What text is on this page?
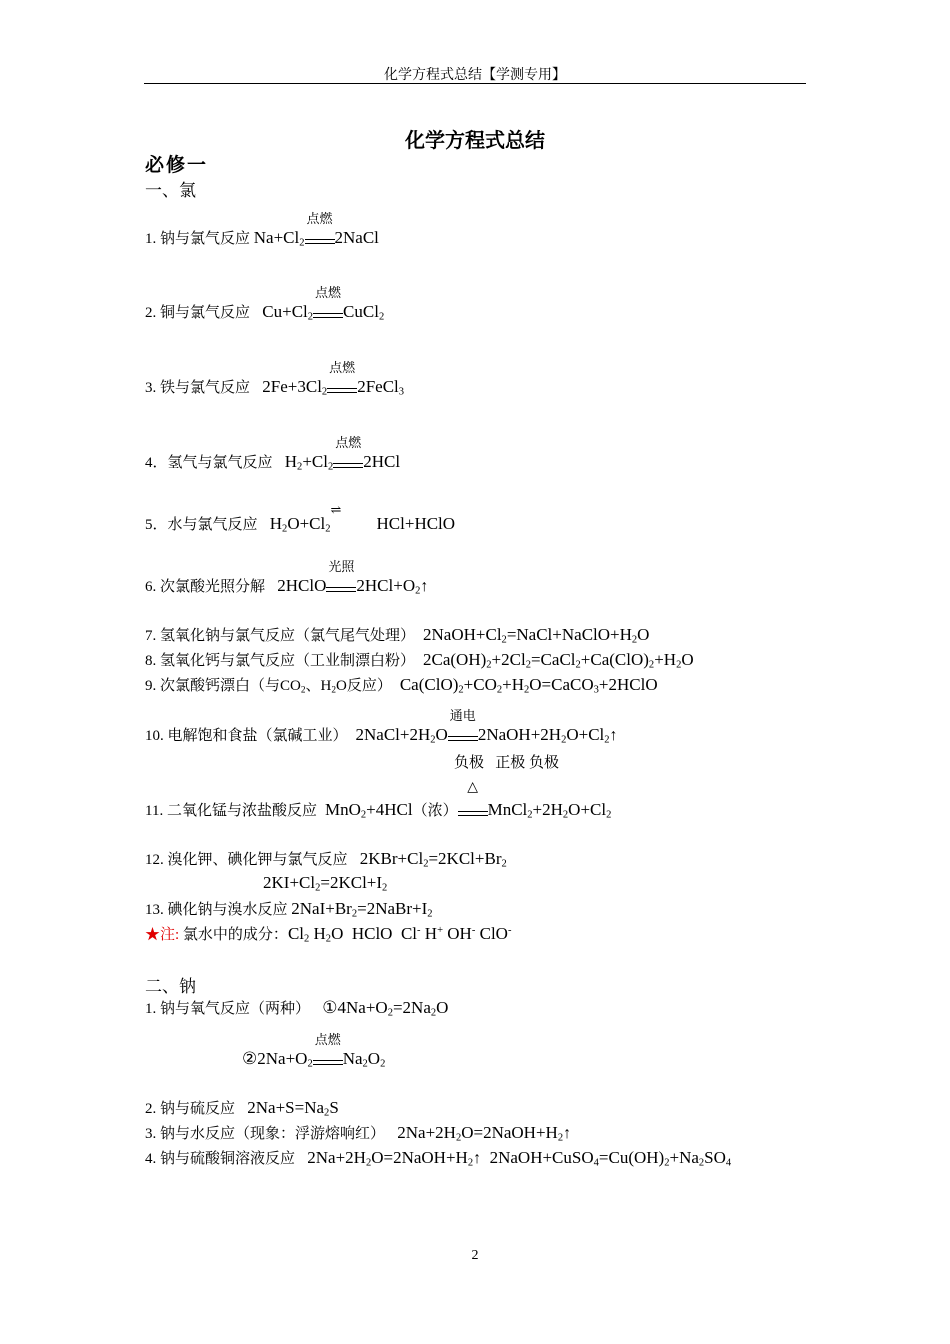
化学方程式总结【学测专用】
化学方程式总结
必修一
一、氯
1. 钠与氯气反应 $Na+Cl_2$
点燃
2NaCl
2. 铜与氯气反应   $Cu+Cl_2$
点燃
CuCl$_2$
3. 铁与氯气反应   $2Fe+3Cl_2$
点燃
2FeCl$_3$
4．氢气与氯气反应   $H_2+Cl_2$
点燃
2HCl
5．水与氯气反应   $H_2O+Cl_2$
⇌
HCl+HClO
6. 次氯酸光照分解   2HClO
光照
$2HCl+O_2↑$
7. 氢氧化钠与氯气反应（氯气尾气处理）  $2NaOH+Cl_2=NaCl+NaClO+H_2O$
8. 氢氧化钙与氯气反应（工业制漂白粉）  $2Ca(OH)_2+2Cl_2=CaCl_2+Ca(ClO)_2+H_2O$
9. 次氯酸钙漂白（与$CO_2$、$H_2O$反应）  $Ca(ClO)_2+CO_2+H_2O=CaCO_3+2HClO$
10. 电解饱和食盐（氯碱工业）  $2NaCl+2H_2O$
通电
$2NaOH+2H_2O+Cl_2↑$
负极   正极 负极
11. 二氧化锰与浓盐酸反应  MnO$_2$+4HCl（浓）
△
$MnCl_2+2H_2O+Cl_2$
12. 溴化钾、碘化钾与氯气反应   $2KBr+Cl_2=2KCl+Br_2$
$2KI+Cl_2=2KCl+I_2$
13. 碘化钠与溴水反应 $2NaI+Br_2=2NaBr+I_2$
★注: 氯水中的成分：$Cl_2$ $H_2O$  HClO  Cl- H+ OH- ClO-
二、钠
1. 钠与氧气反应（两种） $①4Na+O_2=2Na_2O$
$②2Na+O_2$
点燃
$Na_2O_2$
2. 钠与硫反应   $2Na+S=Na_2S$
3. 钠与水反应（现象：浮游熔响红）   $2Na+2H_2O=2NaOH+H_2↑$
4. 钠与硫酸铜溶液反应   $2Na+2H_2O=2NaOH+H_2↑$  $2NaOH+CuSO_4=Cu(OH)_2+Na_2SO_4$
2
